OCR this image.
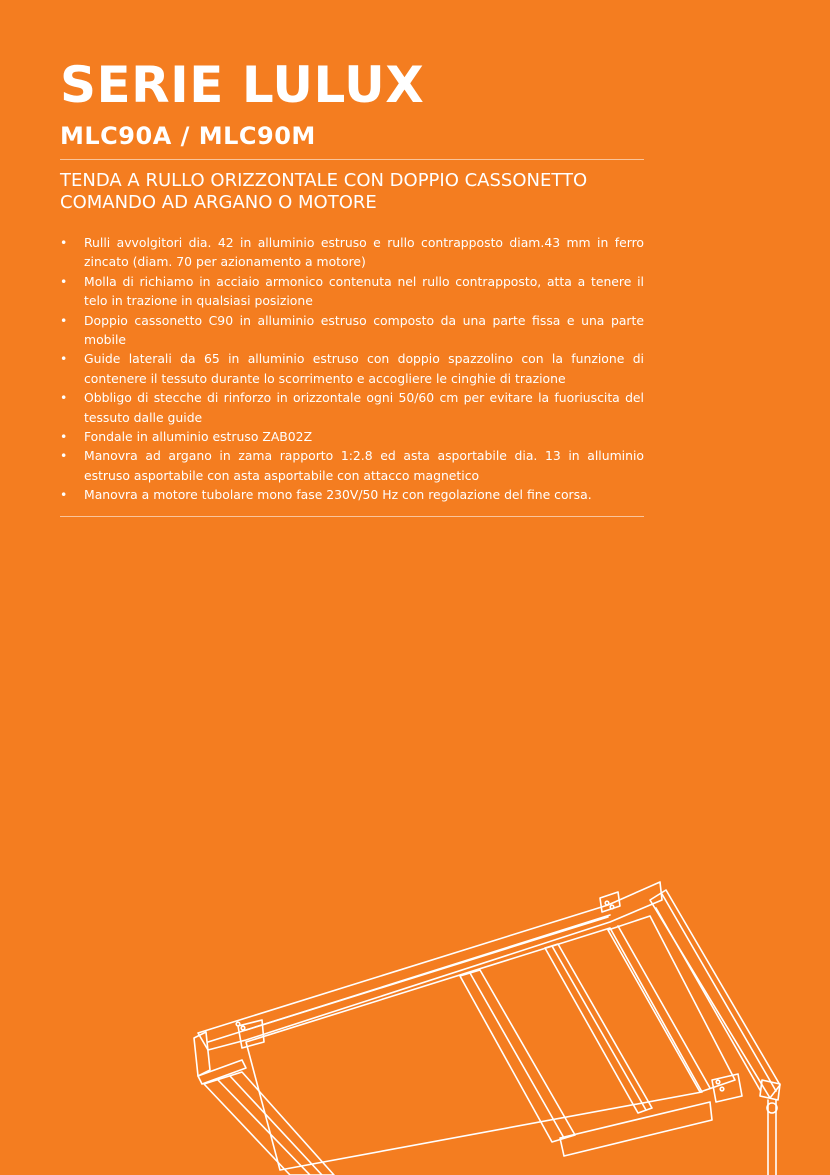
SERIE LULUX
MLC90A / MLC90M
TENDA A RULLO ORIZZONTALE CON DOPPIO CASSONETTO
COMANDO AD ARGANO O MOTORE
• Rulli avvolgitori dia. 42 in alluminio estruso e rullo contrapposto diam.43 mm in ferro zincato (diam. 70 per azionamento a motore)
• Molla di richiamo in acciaio armonico contenuta nel rullo contrapposto, atta a tenere il telo in trazione in qualsiasi posizione
• Doppio cassonetto C90 in alluminio estruso composto da una parte fissa e una parte mobile
• Guide laterali da 65 in alluminio estruso con doppio spazzolino con la funzione di contenere il tessuto durante lo scorrimento e accogliere le cinghie di trazione
• Obbligo di stecche di rinforzo in orizzontale ogni 50/60 cm per evitare la fuoriuscita del tessuto dalle guide
• Fondale in alluminio estruso ZAB02Z
• Manovra ad argano in zama rapporto 1:2.8 ed asta asportabile dia. 13 in alluminio estruso asportabile con asta asportabile con attacco magnetico
• Manovra a motore tubolare mono fase 230V/50 Hz con regolazione del fine corsa.
